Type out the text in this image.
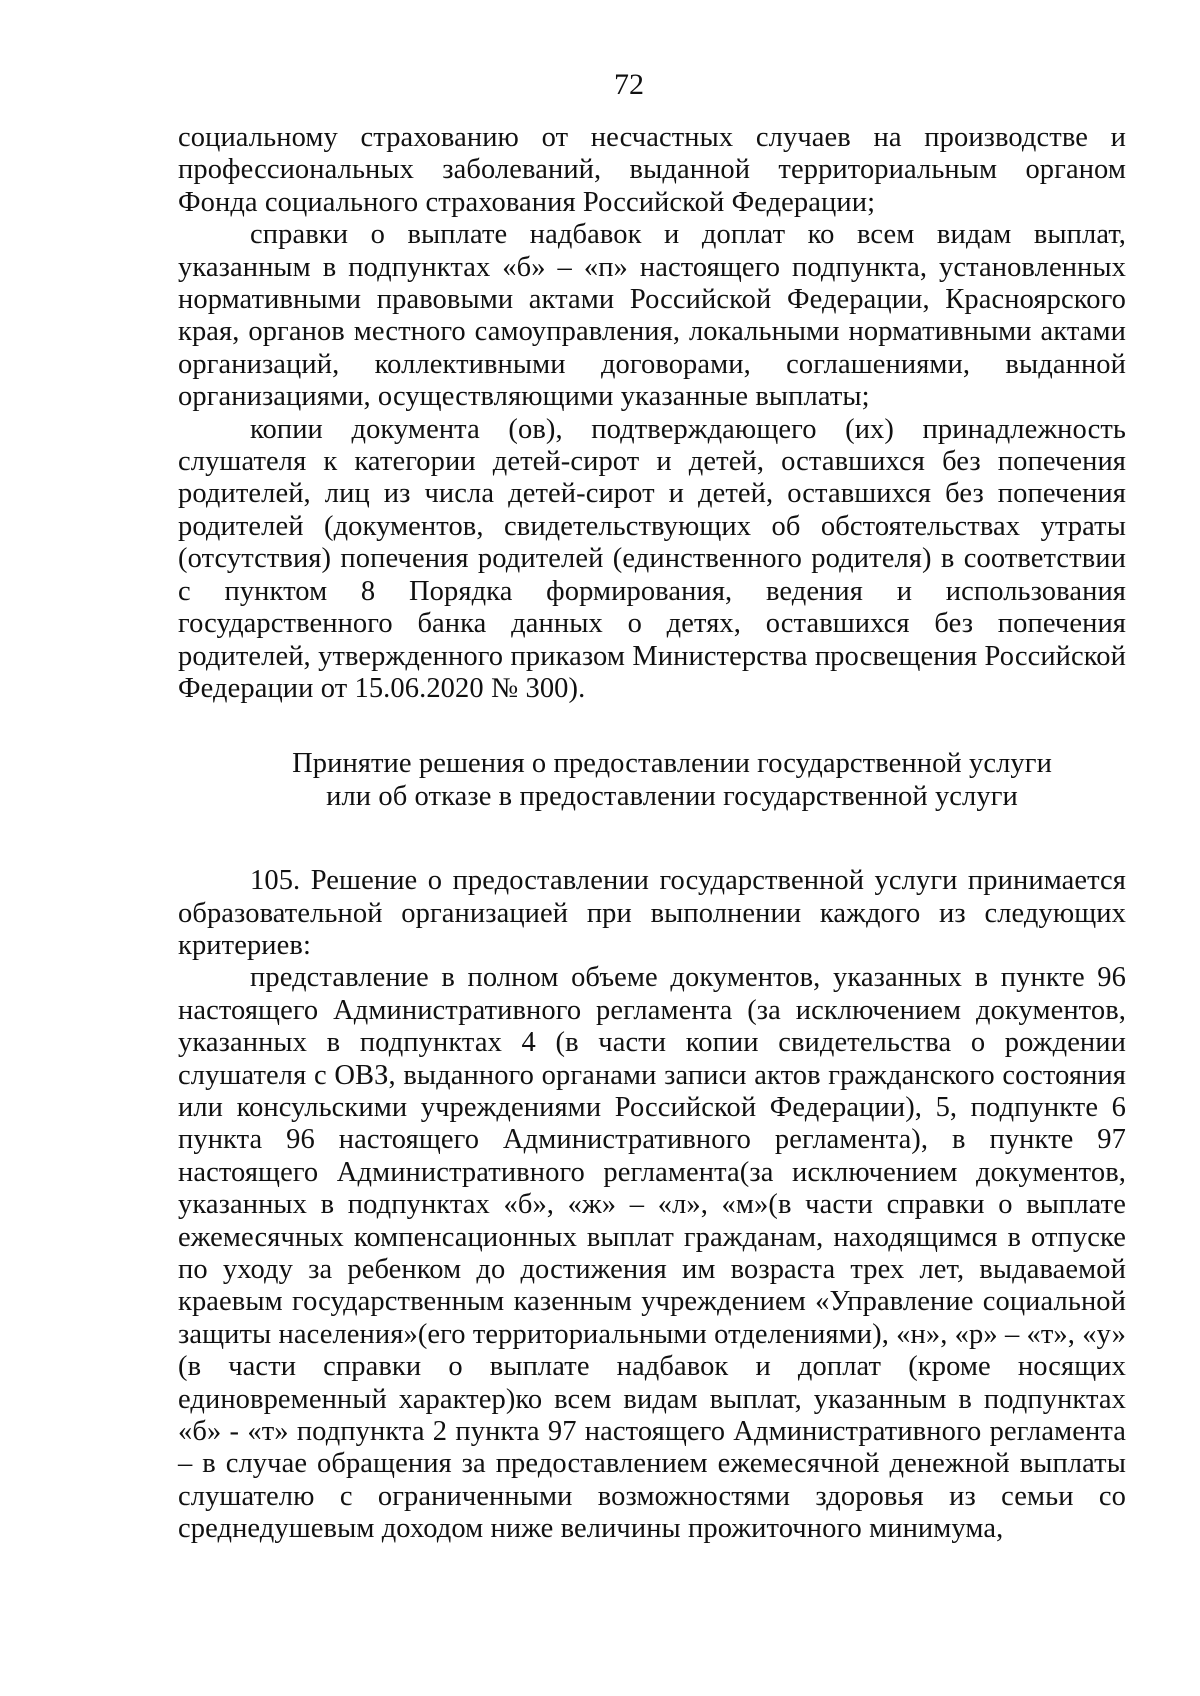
72

социальному страхованию от несчастных случаев на производстве и профессиональных заболеваний, выданной территориальным органом Фонда социального страхования Российской Федерации;

справки о выплате надбавок и доплат ко всем видам выплат, указанным в подпунктах «б» – «п» настоящего подпункта, установленных нормативными правовыми актами Российской Федерации, Красноярского края, органов местного самоуправления, локальными нормативными актами организаций, коллективными договорами, соглашениями, выданной организациями, осуществляющими указанные выплаты;

копии документа (ов), подтверждающего (их) принадлежность слушателя к категории детей-сирот и детей, оставшихся без попечения родителей, лиц из числа детей-сирот и детей, оставшихся без попечения родителей (документов, свидетельствующих об обстоятельствах утраты (отсутствия) попечения родителей (единственного родителя) в соответствии с пунктом 8 Порядка формирования, ведения и использования государственного банка данных о детях, оставшихся без попечения родителей, утвержденного приказом Министерства просвещения Российской Федерации от 15.06.2020 № 300).

Принятие решения о предоставлении государственной услуги
или об отказе в предоставлении государственной услуги

105. Решение о предоставлении государственной услуги принимается образовательной организацией при выполнении каждого из следующих критериев:

представление в полном объеме документов, указанных в пункте 96 настоящего Административного регламента (за исключением документов, указанных в подпунктах 4 (в части копии свидетельства о рождении слушателя с ОВЗ, выданного органами записи актов гражданского состояния или консульскими учреждениями Российской Федерации), 5, подпункте 6 пункта 96 настоящего Административного регламента), в пункте 97 настоящего Административного регламента(за исключением документов, указанных в подпунктах «б», «ж» – «л», «м»(в части справки о выплате ежемесячных компенсационных выплат гражданам, находящимся в отпуске по уходу за ребенком до достижения им возраста трех лет, выдаваемой краевым государственным казенным учреждением «Управление социальной защиты населения»(его территориальными отделениями), «н», «р» – «т», «у» (в части справки о выплате надбавок и доплат (кроме носящих единовременный характер)ко всем видам выплат, указанным в подпунктах «б» - «т» подпункта 2 пункта 97 настоящего Административного регламента – в случае обращения за предоставлением ежемесячной денежной выплаты слушателю с ограниченными возможностями здоровья из семьи со среднедушевым доходом ниже величины прожиточного минимума,
